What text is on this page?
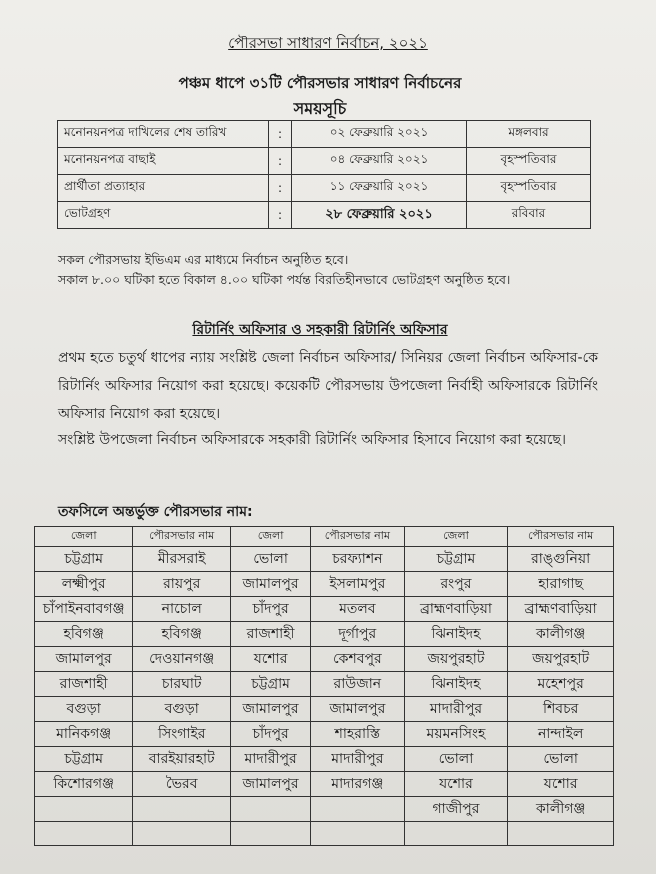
পৌরসভা সাধারণ নির্বাচন, ২০২১
পঞ্চম ধাপে ৩১টি পৌরসভার সাধারণ নির্বাচনের
সময়সূচি
মনোনয়নপত্র দাখিলের শেষ তারিখ	:	০২ ফেব্রুয়ারি ২০২১	মঙ্গলবার
মনোনয়নপত্র বাছাই	:	০৪ ফেব্রুয়ারি ২০২১	বৃহস্পতিবার
প্রার্থীতা প্রত্যাহার	:	১১ ফেব্রুয়ারি ২০২১	বৃহস্পতিবার
ভোটগ্রহণ	:	২৮ ফেব্রুয়ারি ২০২১	রবিবার
সকল পৌরসভায় ইভিএম এর মাধ্যমে নির্বাচন অনুষ্ঠিত হবে।
সকাল ৮.০০ ঘটিকা হতে বিকাল ৪.০০ ঘটিকা পর্যন্ত বিরতিহীনভাবে ভোটগ্রহণ অনুষ্ঠিত হবে।
রিটার্নিং অফিসার ও সহকারী রিটার্নিং অফিসার
প্রথম হতে চতুর্থ ধাপের ন্যায় সংশ্লিষ্ট জেলা নির্বাচন অফিসার/ সিনিয়র জেলা নির্বাচন অফিসার-কে রিটার্নিং অফিসার নিয়োগ করা হয়েছে। কয়েকটি পৌরসভায় উপজেলা নির্বাহী অফিসারকে রিটার্নিং অফিসার নিয়োগ করা হয়েছে।
সংশ্লিষ্ট উপজেলা নির্বাচন অফিসারকে সহকারী রিটার্নিং অফিসার হিসাবে নিয়োগ করা হয়েছে।
তফসিলে অন্তর্ভুক্ত পৌরসভার নাম:
জেলা	পৌরসভার নাম	জেলা	পৌরসভার নাম	জেলা	পৌরসভার নাম
চট্টগ্রাম	মীরসরাই	ভোলা	চরফ্যাশন	চট্টগ্রাম	রাঙ্গুনিয়া
লক্ষ্মীপুর	রায়পুর	জামালপুর	ইসলামপুর	রংপুর	হারাগাছ
চাঁপাইনবাবগঞ্জ	নাচোল	চাঁদপুর	মতলব	ব্রাহ্মণবাড়িয়া	ব্রাহ্মণবাড়িয়া
হবিগঞ্জ	হবিগঞ্জ	রাজশাহী	দূর্গাপুর	ঝিনাইদহ	কালীগঞ্জ
জামালপুর	দেওয়ানগঞ্জ	যশোর	কেশবপুর	জয়পুরহাট	জয়পুরহাট
রাজশাহী	চারঘাট	চট্টগ্রাম	রাউজান	ঝিনাইদহ	মহেশপুর
বগুড়া	বগুড়া	জামালপুর	জামালপুর	মাদারীপুর	শিবচর
মানিকগঞ্জ	সিংগাইর	চাঁদপুর	শাহরাস্তি	ময়মনসিংহ	নান্দাইল
চট্টগ্রাম	বারইয়ারহাট	মাদারীপুর	মাদারীপুর	ভোলা	ভোলা
কিশোরগঞ্জ	ভৈরব	জামালপুর	মাদারগঞ্জ	যশোর	যশোর
				গাজীপুর	কালীগঞ্জ
